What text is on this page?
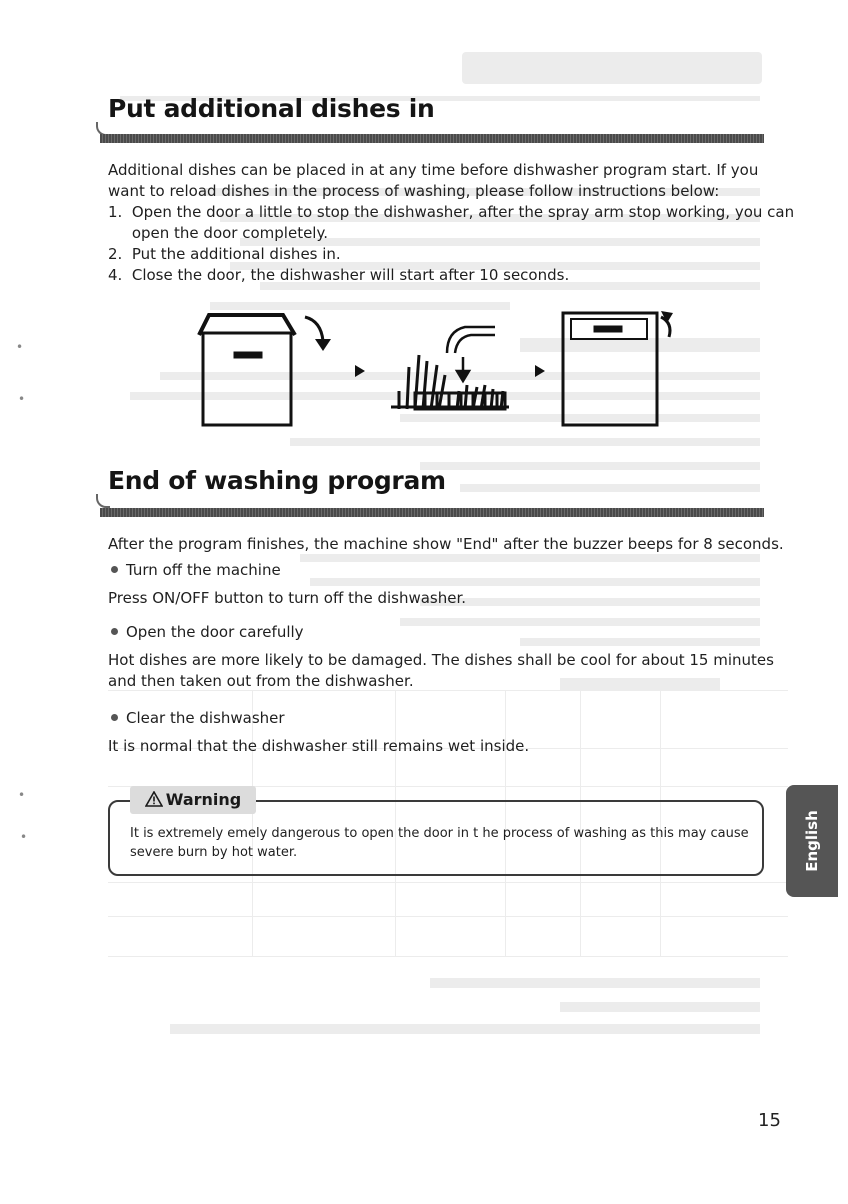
Put additional dishes in
Additional dishes can be placed in at any time before dishwasher program start. If you
want to reload dishes in the process of washing, please follow instructions below:
1.  Open the door a little to stop the dishwasher, after the spray arm stop working, you can
open the door completely.
2.  Put the additional dishes in.
4.  Close the door, the dishwasher will start after 10 seconds.
End of washing program
After the program finishes, the machine show "End" after the buzzer beeps for 8 seconds.
Turn off the machine
Press ON/OFF button to turn off the dishwasher.
Open the door carefully
Hot dishes are more likely to be damaged. The dishes shall be cool for about 15 minutes
and then taken out from the dishwasher.
Clear the dishwasher
It is normal that the dishwasher still remains wet inside.
Warning
It is extremely emely dangerous to open the door in t he process of washing as this may cause
severe burn by hot water.	English
15
•
•
•
•
